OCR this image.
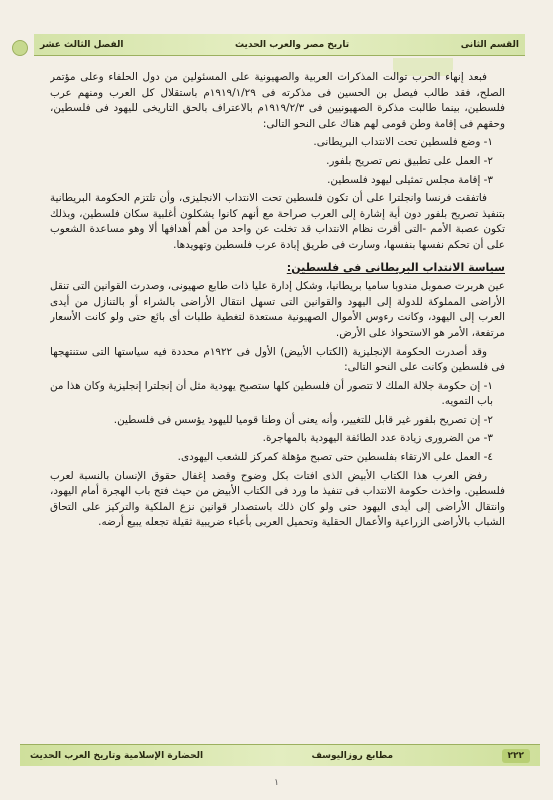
القسم الثانى
تاريخ مصر والعرب الحديث
الفصل الثالث عشر

فبعد إنهاء الحرب توالت المذكرات العربية والصهيونية على المسئولين من دول الحلفاء وعلى مؤتمر الصلح، فقد طالب فيصل بن الحسين فى مذكرته فى ١٩١٩/١/٢٩م باستقلال كل العرب ومنهم عرب فلسطين، بينما طالبت مذكرة الصهيونيين فى ١٩١٩/٢/٣م بالاعتراف بالحق التاريخى لليهود فى فلسطين، وحقهم فى إقامة وطن قومى لهم هناك على النحو التالى:

١- وضع فلسطين تحت الانتداب البريطانى.
٢- العمل على تطبيق نص تصريح بلفور.
٣- إقامة مجلس تمثيلى ليهود فلسطين.

فاتفقت فرنسا وانجلترا على أن تكون فلسطين تحت الانتداب الانجليزى، وأن تلتزم الحكومة البريطانية بتنفيذ تصريح بلفور دون أية إشارة إلى العرب صراحة مع أنهم كانوا يشكلون أغلبية سكان فلسطين، وبذلك تكون عصبة الأمم -التى أقرت نظام الانتداب قد تخلت عن واحد من أهم أهدافها ألا وهو مساعدة الشعوب على أن تحكم نفسها بنفسها، وسارت فى طريق إبادة عرب فلسطين وتهويدها.

سياسة الانتداب البريطانى فى فلسطين:

عين هربرت صموبل مندوبا ساميا بريطانيا، وشكل إدارة عليا ذات طابع صهيونى، وصدرت القوانين التى تنقل الأراضى المملوكة للدولة إلى اليهود والقوانين التى تسهل انتقال الأراضى بالشراء أو بالتنازل من أيدى العرب إلى اليهود، وكانت رءوس الأموال الصهيونية مستعدة لتغطية طلبات أى بائع حتى ولو كانت الأسعار مرتفعة، الأمر هو الاستحواذ على الأرض.

وقد أصدرت الحكومة الإنجليزية (الكتاب الأبيض) الأول فى ١٩٢٢م محددة فيه سياستها التى ستنتهجها فى فلسطين وكانت على النحو التالى:

١- إن حكومة جلالة الملك لا تتصور أن فلسطين كلها ستصبح يهودية مثل أن إنجلترا إنجليزية وكان هذا من باب التمويه.
٢- إن تصريح بلفور غير قابل للتغيير، وأنه يعنى أن وطنا قوميا لليهود يؤسس فى فلسطين.
٣- من الضرورى زيادة عدد الطائفة اليهودية بالمهاجرة.
٤- العمل على الارتقاء بفلسطين حتى تصبح مؤهلة كمركز للشعب اليهودى.

رفض العرب هذا الكتاب الأبيض الذى افتات بكل وضوح وقصد إغفال حقوق الإنسان بالنسبة لعرب فلسطين. واخذت حكومة الانتداب فى تنفيذ ما ورد فى الكتاب الأبيض من حيث فتح باب الهجرة أمام اليهود، وانتقال الأراضى إلى أيدى اليهود حتى ولو كان ذلك باستصدار قوانين نزع الملكية والتركيز على التحاق الشباب بالأراضى الزراعية والأعمال الحقلية وتحميل العربى بأعباء ضريبية ثقيلة تجعله يبيع أرضه.

٢٢٢
مطابع روزاليوسف
الحضارة الإسلامية وتاريخ العرب الحديث
١
